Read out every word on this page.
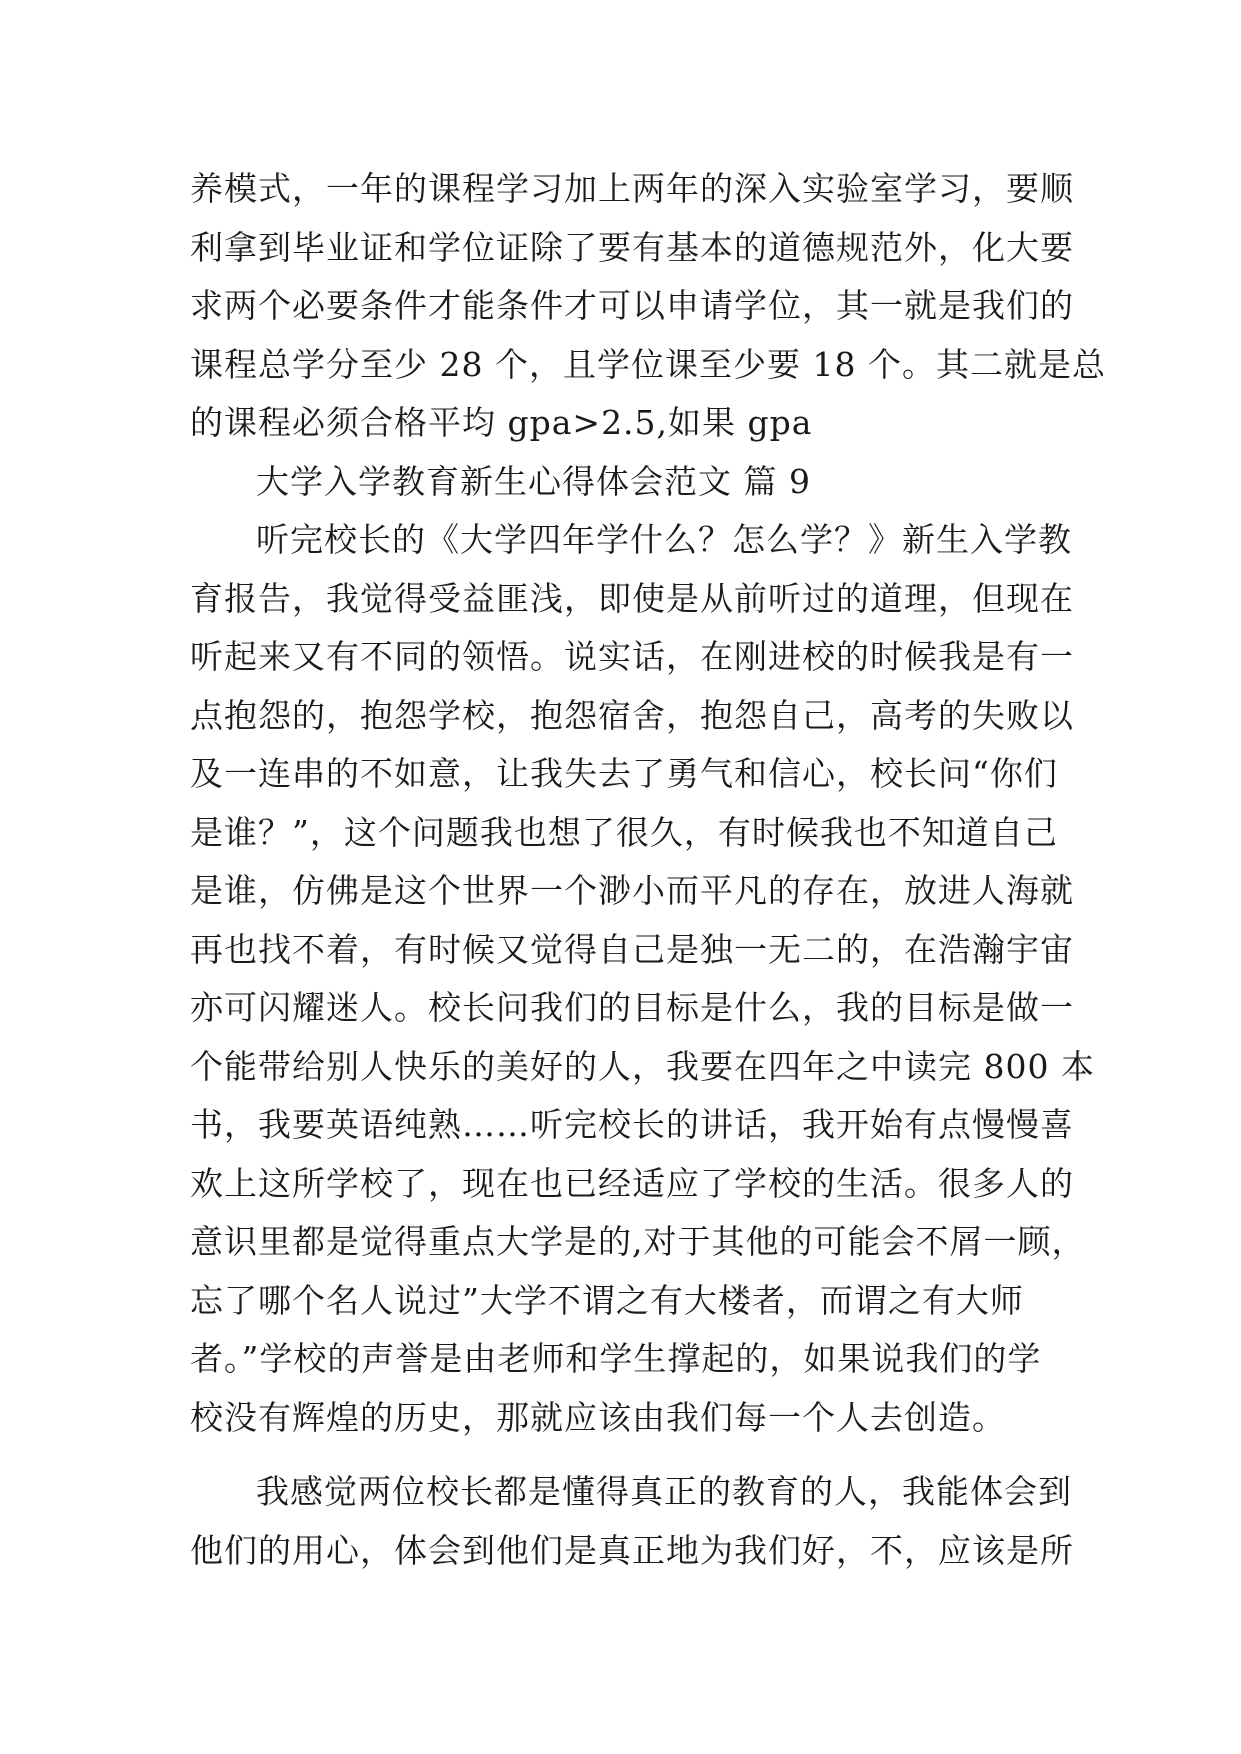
养模式，一年的课程学习加上两年的深入实验室学习，要顺
利拿到毕业证和学位证除了要有基本的道德规范外，化大要
求两个必要条件才能条件才可以申请学位，其一就是我们的
课程总学分至少 28 个，且学位课至少要 18 个。其二就是总
的课程必须合格平均 gpa>2.5,如果 gpa
大学入学教育新生心得体会范文 篇 9
听完校长的《大学四年学什么？怎么学？》新生入学教
育报告，我觉得受益匪浅，即使是从前听过的道理，但现在
听起来又有不同的领悟。说实话，在刚进校的时候我是有一
点抱怨的，抱怨学校，抱怨宿舍，抱怨自己，高考的失败以
及一连串的不如意，让我失去了勇气和信心，校长问“你们
是谁？”，这个问题我也想了很久，有时候我也不知道自己
是谁，仿佛是这个世界一个渺小而平凡的存在，放进人海就
再也找不着，有时候又觉得自己是独一无二的，在浩瀚宇宙
亦可闪耀迷人。校长问我们的目标是什么，我的目标是做一
个能带给别人快乐的美好的人，我要在四年之中读完 800 本
书，我要英语纯熟……听完校长的讲话，我开始有点慢慢喜
欢上这所学校了，现在也已经适应了学校的生活。很多人的
意识里都是觉得重点大学是的,对于其他的可能会不屑一顾，
忘了哪个名人说过”大学不谓之有大楼者，而谓之有大师
者。”学校的声誉是由老师和学生撑起的，如果说我们的学
校没有辉煌的历史，那就应该由我们每一个人去创造。
我感觉两位校长都是懂得真正的教育的人，我能体会到
他们的用心，体会到他们是真正地为我们好，不，应该是所
